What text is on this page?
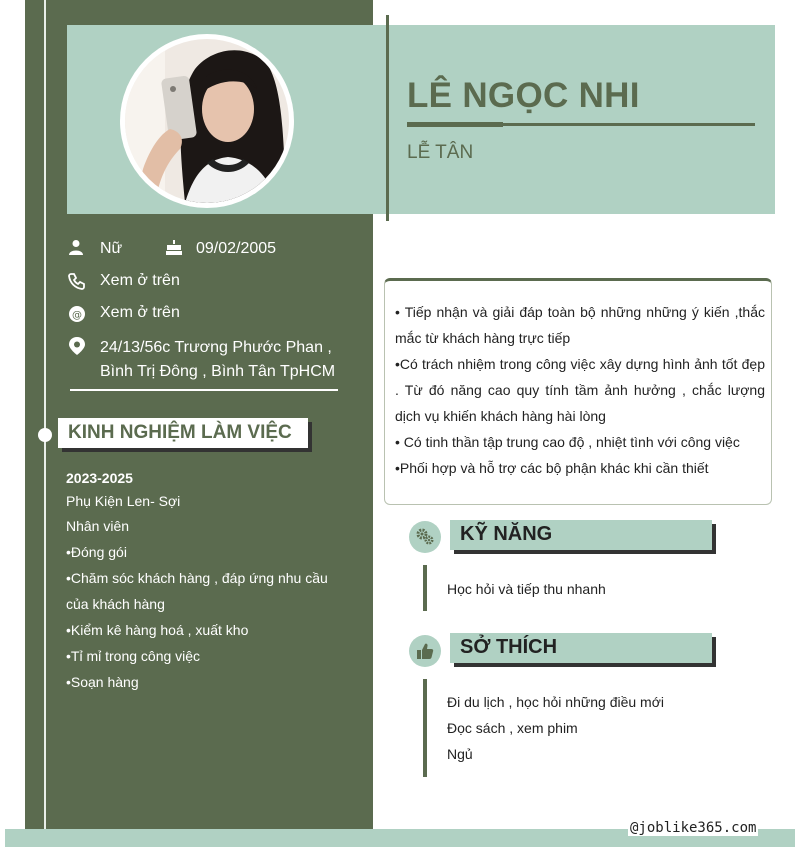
LÊ NGỌC NHI
LỄ TÂN
Nữ	09/02/2005
Xem ở trên
@ Xem ở trên
24/13/56c Trương Phước Phan ,
Bình Trị Đông , Bình Tân TpHCM
KINH NGHIỆM LÀM VIỆC
2023-2025
Phụ Kiện Len- Sợi
Nhân viên
•Đóng gói
•Chăm sóc khách hàng , đáp ứng nhu cầu
của khách hàng
•Kiểm kê hàng hoá , xuất kho
•Tỉ mỉ trong công việc
•Soạn hàng
• Tiếp nhận và giải đáp toàn bộ những những ý kiến ,thắc mắc từ khách hàng trực tiếp
•Có trách nhiệm trong công việc xây dựng hình ảnh tốt đẹp . Từ đó năng cao quy tính tầm ảnh hưởng , chắc lượng dịch vụ khiến khách hàng hài lòng
• Có tinh thần tập trung cao độ , nhiệt tình với công việc
•Phối hợp và hỗ trợ các bộ phận khác khi cần thiết
KỸ NĂNG
Học hỏi và tiếp thu nhanh
SỞ THÍCH
Đi du lịch , học hỏi những điều mới
Đọc sách , xem phim
Ngủ
@joblike365.com
